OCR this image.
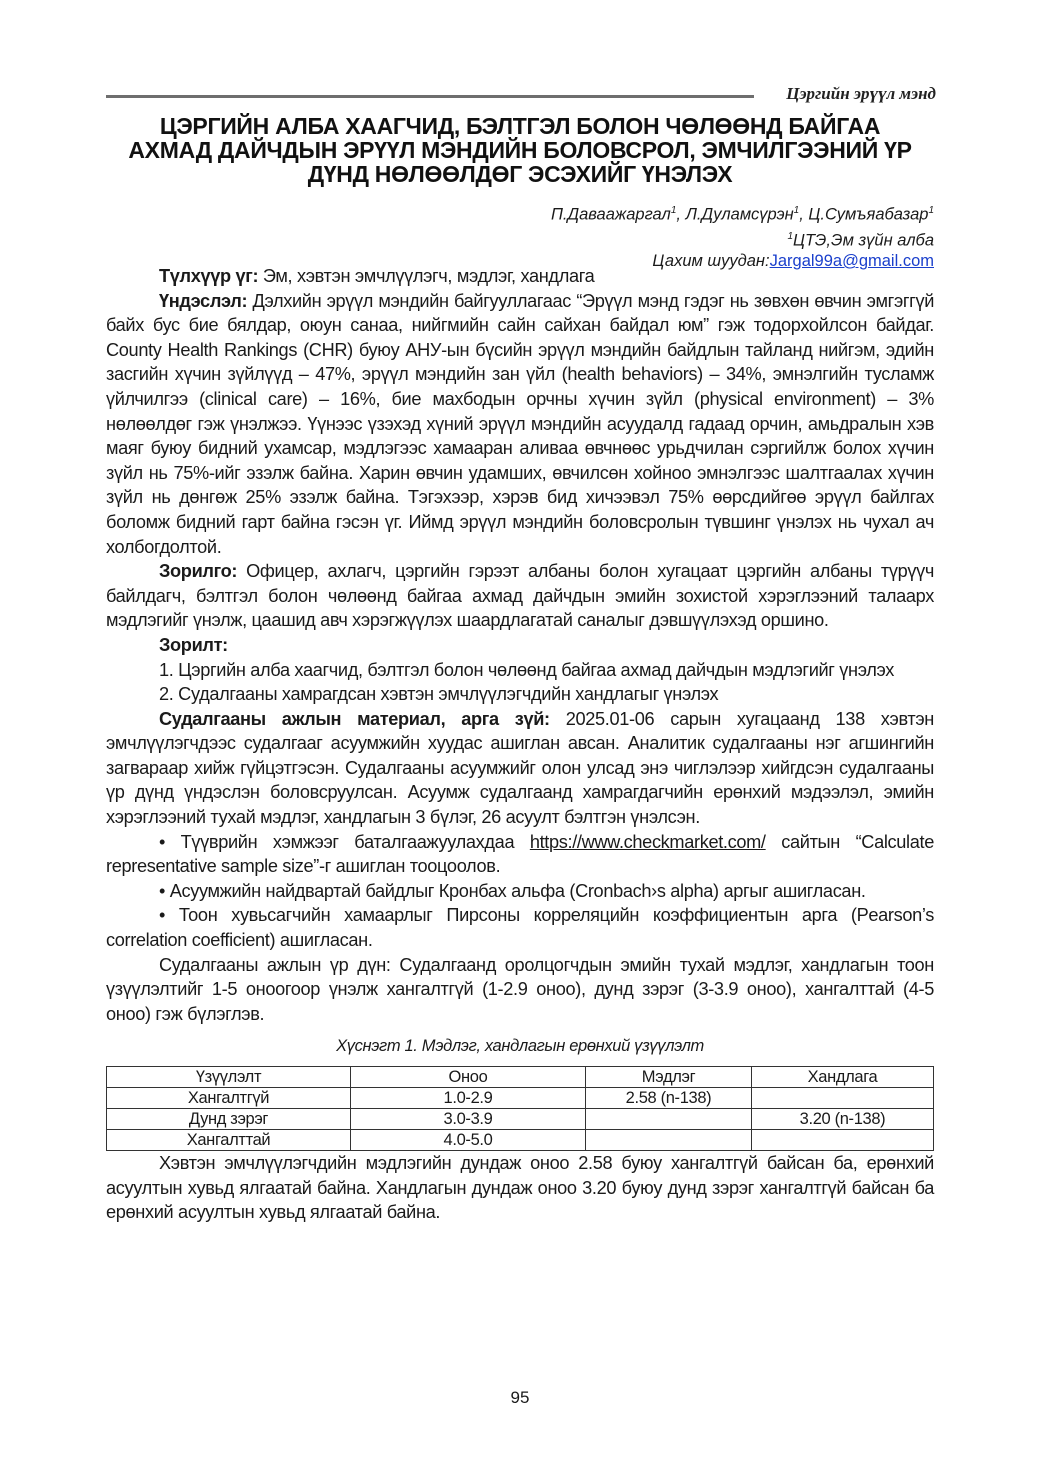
Цэргийн эрүүл мэнд
ЦЭРГИЙН АЛБА ХААГЧИД, БЭЛТГЭЛ БОЛОН ЧӨЛӨӨНД БАЙГАА
АХМАД ДАЙЧДЫН ЭРҮҮЛ МЭНДИЙН БОЛОВСРОЛ, ЭМЧИЛГЭЭНИЙ ҮР
ДҮНД НӨЛӨӨЛДӨГ ЭСЭХИЙГ ҮНЭЛЭХ
П.Даваажаргал$^1$, Л.Дуламсүрэн$^1$, Ц.Сумъяабазар$^1$
$^1$ЦТЭ,Эм зүйн алба
Цахим шуудан:Jargal99a@gmail.com

Түлхүүр үг: Эм, хэвтэн эмчлүүлэгч, мэдлэг, хандлага

Үндэслэл: Дэлхийн эрүүл мэндийн байгууллагаас “Эрүүл мэнд гэдэг нь зөвхөн өвчин эмгэггүй байх бус бие бялдар, оюун санаа, нийгмийн сайн сайхан байдал юм” гэж тодорхойлсон байдаг. County Health Rankings (CHR) буюу АНУ-ын бүсийн эрүүл мэндийн байдлын тайланд нийгэм, эдийн засгийн хүчин зүйлүүд – 47%, эрүүл мэндийн зан үйл (health behaviors) – 34%, эмнэлгийн тусламж үйлчилгээ (clinical care) – 16%, бие махбодын орчны хүчин зүйл (physical environment) – 3% нөлөөлдөг гэж үнэлжээ. Үүнээс үзэхэд хүний эрүүл мэндийн асуудалд гадаад орчин, амьдралын хэв маяг буюу бидний ухамсар, мэдлэгээс хамааран аливаа өвчнөөс урьдчилан сэргийлж болох хүчин зүйл нь 75%-ийг эзэлж байна. Харин өвчин удамших, өвчилсөн хойноо эмнэлгээс шалтгаалах хүчин зүйл нь дөнгөж 25% эзэлж байна. Тэгэхээр, хэрэв бид хичээвэл 75% өөрсдийгөө эрүүл байлгах боломж бидний гарт байна гэсэн үг. Иймд эрүүл мэндийн боловсролын түвшинг үнэлэх нь чухал ач холбогдолтой.

Зорилго: Офицер, ахлагч, цэргийн гэрээт албаны болон хугацаат цэргийн албаны түрүүч байлдагч, бэлтгэл болон чөлөөнд байгаа ахмад дайчдын эмийн зохистой хэрэглээний талаарх мэдлэгийг үнэлж, цаашид авч хэрэгжүүлэх шаардлагатай саналыг дэвшүүлэхэд оршино.

Зорилт:

1. Цэргийн алба хаагчид, бэлтгэл болон чөлөөнд байгаа ахмад дайчдын мэдлэгийг үнэлэх

2. Судалгааны хамрагдсан хэвтэн эмчлүүлэгчдийн хандлагыг үнэлэх

Судалгааны ажлын материал, арга зүй: 2025.01-06 сарын хугацаанд 138 хэвтэн эмчлүүлэгчдээс судалгааг асуумжийн хуудас ашиглан авсан. Аналитик судалгааны нэг агшингийн загвараар хийж гүйцэтгэсэн. Судалгааны асуумжийг олон улсад энэ чиглэлээр хийгдсэн судалгааны үр дүнд үндэслэн боловсруулсан. Асуумж судалгаанд хамрагдагчийн ерөнхий мэдээлэл, эмийн хэрэглээний тухай мэдлэг, хандлагын 3 бүлэг, 26 асуулт бэлтгэн үнэлсэн.

• Түүврийн хэмжээг баталгаажуулахдаа https://www.checkmarket.com/ сайтын “Calculate representative sample size”-г ашиглан тооцоолов.

• Асуумжийн найдвартай байдлыг Кронбах альфа (Cronbach›s alpha) аргыг ашигласан.

• Тоон хувьсагчийн хамаарлыг Пирсоны корреляцийн коэффициентын арга (Pearson’s correlation coefficient) ашигласан.

Судалгааны ажлын үр дүн: Судалгаанд оролцогчдын эмийн тухай мэдлэг, хандлагын тоон үзүүлэлтийг 1-5 оноогоор үнэлж хангалтгүй (1-2.9 оноо), дунд зэрэг (3-3.9 оноо), хангалттай (4-5 оноо) гэж бүлэглэв.

Хүснэгт 1. Мэдлэг, хандлагын ерөнхий үзүүлэлт

Үзүүлэлт	Оноо	Мэдлэг	Хандлага
Хангалтгүй	1.0-2.9	2.58 (n-138)	
Дунд зэрэг	3.0-3.9		3.20 (n-138)
Хангалттай	4.0-5.0		

Хэвтэн эмчлүүлэгчдийн мэдлэгийн дундаж оноо 2.58 буюу хангалтгүй байсан ба, ерөнхий асуултын хувьд ялгаатай байна. Хандлагын дундаж оноо 3.20 буюу дунд зэрэг хангалтгүй байсан ба ерөнхий асуултын хувьд ялгаатай байна.

95
